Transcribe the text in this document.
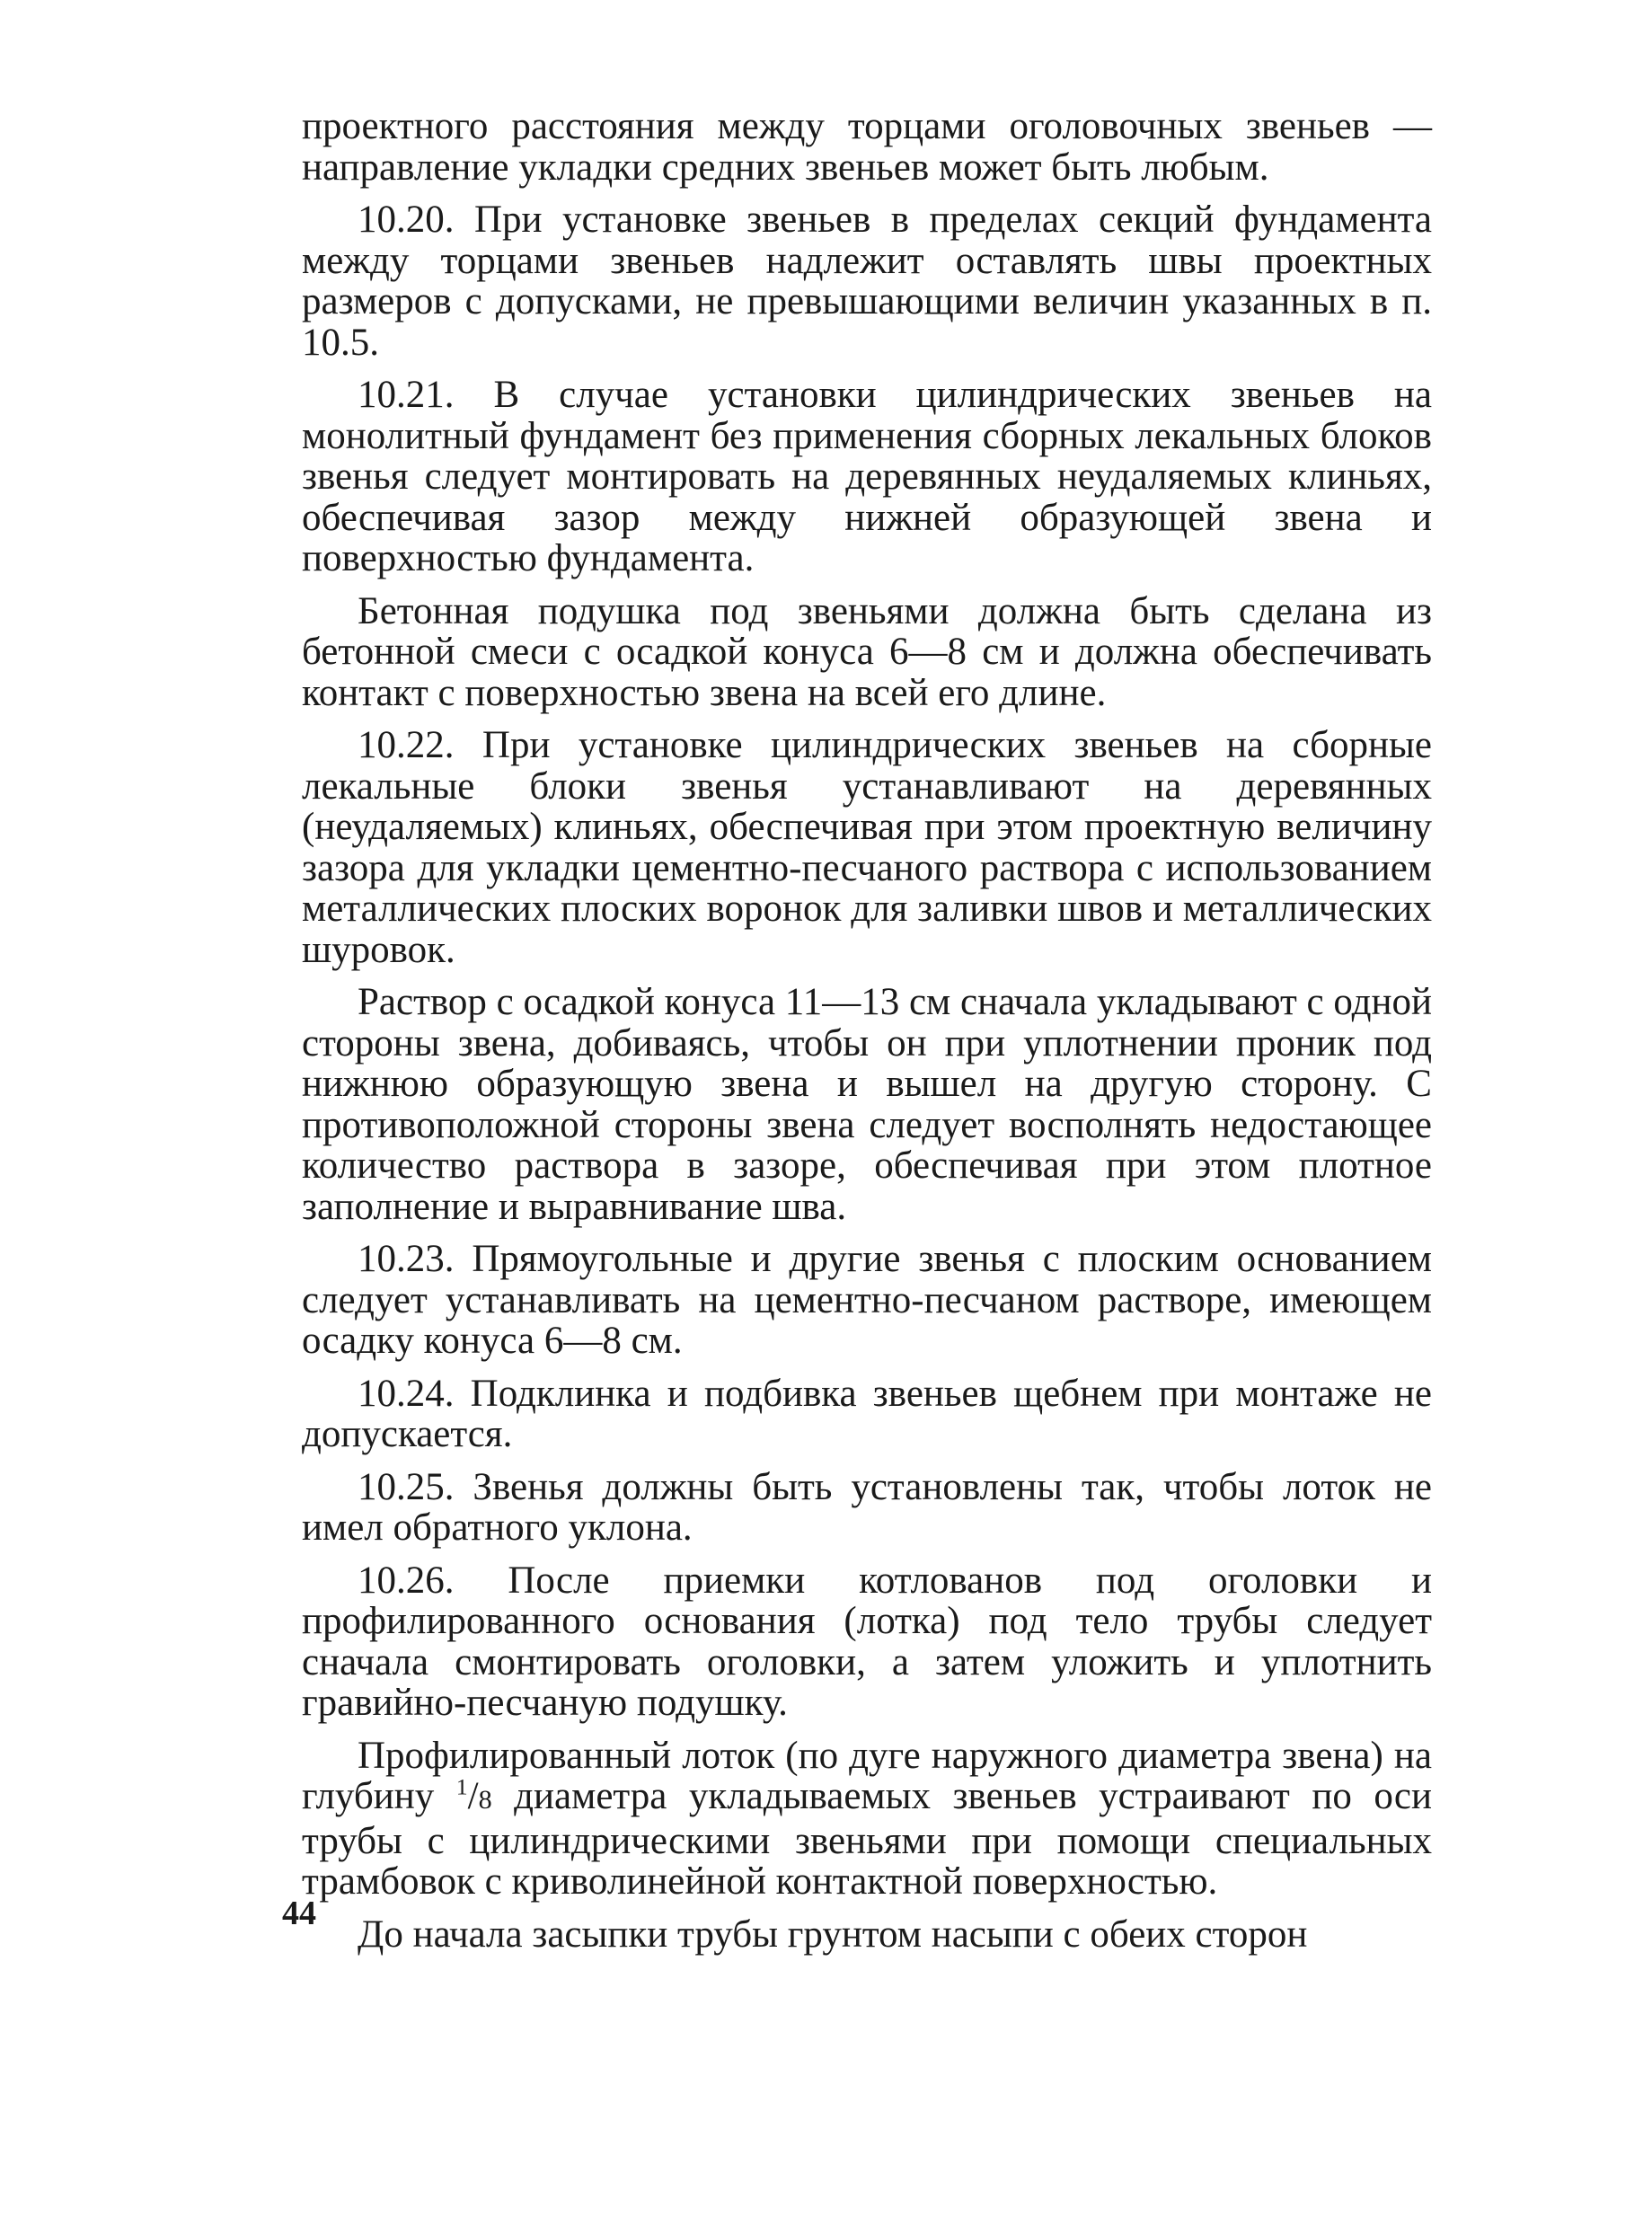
проектного расстояния между торцами оголовочных звеньев — направление укладки средних звеньев может быть любым.

10.20. При установке звеньев в пределах секций фундамента между торцами звеньев надлежит оставлять швы проектных размеров с допусками, не превышающими величин указанных в п. 10.5.

10.21. В случае установки цилиндрических звеньев на монолитный фундамент без применения сборных лекальных блоков звенья следует монтировать на деревянных неудаляемых клиньях, обеспечивая зазор между нижней образующей звена и поверхностью фундамента.

Бетонная подушка под звеньями должна быть сделана из бетонной смеси с осадкой конуса 6—8 см и должна обеспечивать контакт с поверхностью звена на всей его длине.

10.22. При установке цилиндрических звеньев на сборные лекальные блоки звенья устанавливают на деревянных (неудаляемых) клиньях, обеспечивая при этом проектную величину зазора для укладки цементно-песчаного раствора с использованием металлических плоских воронок для заливки швов и металлических шуровок.

Раствор с осадкой конуса 11—13 см сначала укладывают с одной стороны звена, добиваясь, чтобы он при уплотнении проник под нижнюю образующую звена и вышел на другую сторону. С противоположной стороны звена следует восполнять недостающее количество раствора в зазоре, обеспечивая при этом плотное заполнение и выравнивание шва.

10.23. Прямоугольные и другие звенья с плоским основанием следует устанавливать на цементно-песчаном растворе, имеющем осадку конуса 6—8 см.

10.24. Подклинка и подбивка звеньев щебнем при монтаже не допускается.

10.25. Звенья должны быть установлены так, чтобы лоток не имел обратного уклона.

10.26. После приемки котлованов под оголовки и профилированного основания (лотка) под тело трубы следует сначала смонтировать оголовки, а затем уложить и уплотнить гравийно-песчаную подушку.

Профилированный лоток (по дуге наружного диаметра звена) на глубину $^1$/8 диаметра укладываемых звеньев устраивают по оси трубы с цилиндрическими звеньями при помощи специальных трамбовок с криволинейной контактной поверхностью.

До начала засыпки трубы грунтом насыпи с обеих сторон

44
